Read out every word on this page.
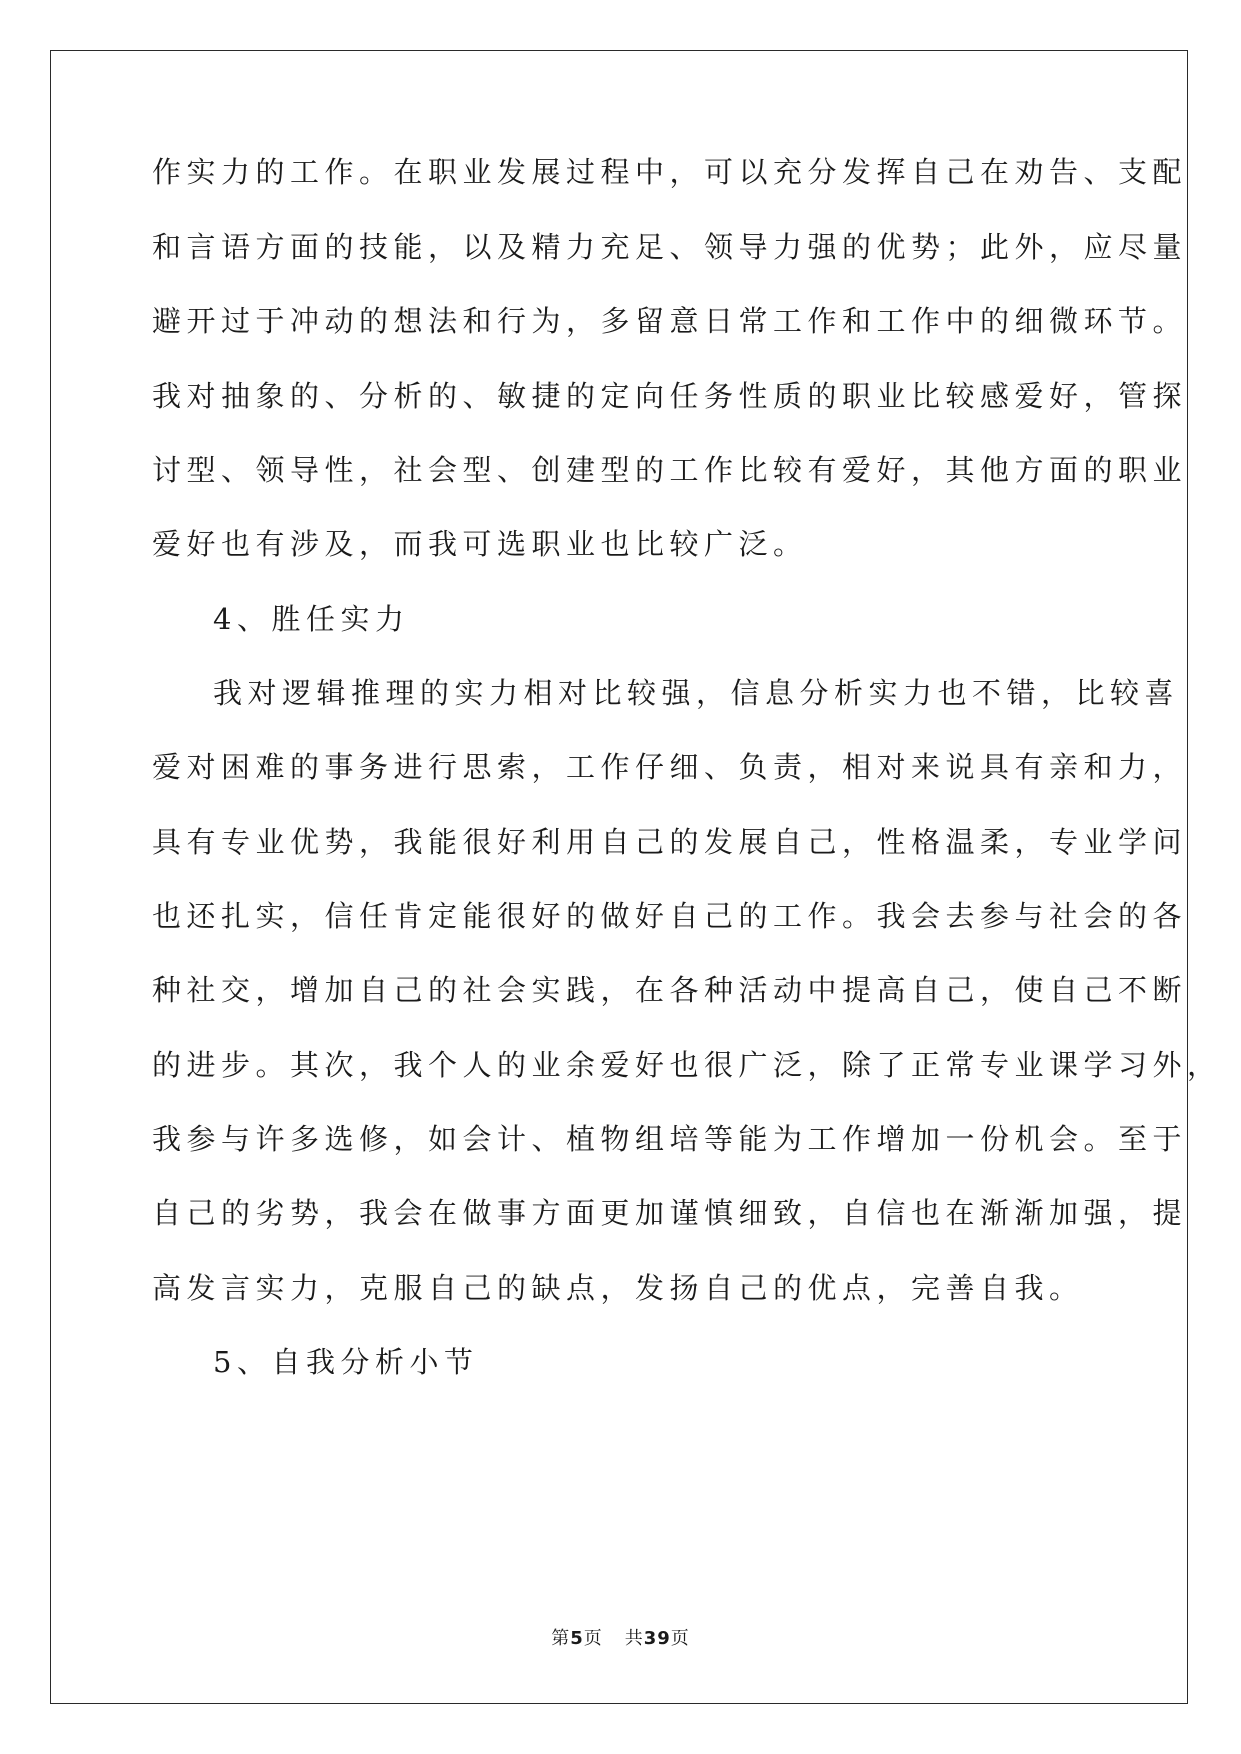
作实力的工作。在职业发展过程中，可以充分发挥自己在劝告、支配
和言语方面的技能，以及精力充足、领导力强的优势；此外，应尽量
避开过于冲动的想法和行为，多留意日常工作和工作中的细微环节。
我对抽象的、分析的、敏捷的定向任务性质的职业比较感爱好，管探
讨型、领导性，社会型、创建型的工作比较有爱好，其他方面的职业
爱好也有涉及，而我可选职业也比较广泛。
4、胜任实力
我对逻辑推理的实力相对比较强，信息分析实力也不错，比较喜
爱对困难的事务进行思索，工作仔细、负责，相对来说具有亲和力，
具有专业优势，我能很好利用自己的发展自己，性格温柔，专业学问
也还扎实，信任肯定能很好的做好自己的工作。我会去参与社会的各
种社交，增加自己的社会实践，在各种活动中提高自己，使自己不断
的进步。其次，我个人的业余爱好也很广泛，除了正常专业课学习外，
我参与许多选修，如会计、植物组培等能为工作增加一份机会。至于
自己的劣势，我会在做事方面更加谨慎细致，自信也在渐渐加强，提
高发言实力，克服自己的缺点，发扬自己的优点，完善自我。
5、自我分析小节
第5页 共39页
